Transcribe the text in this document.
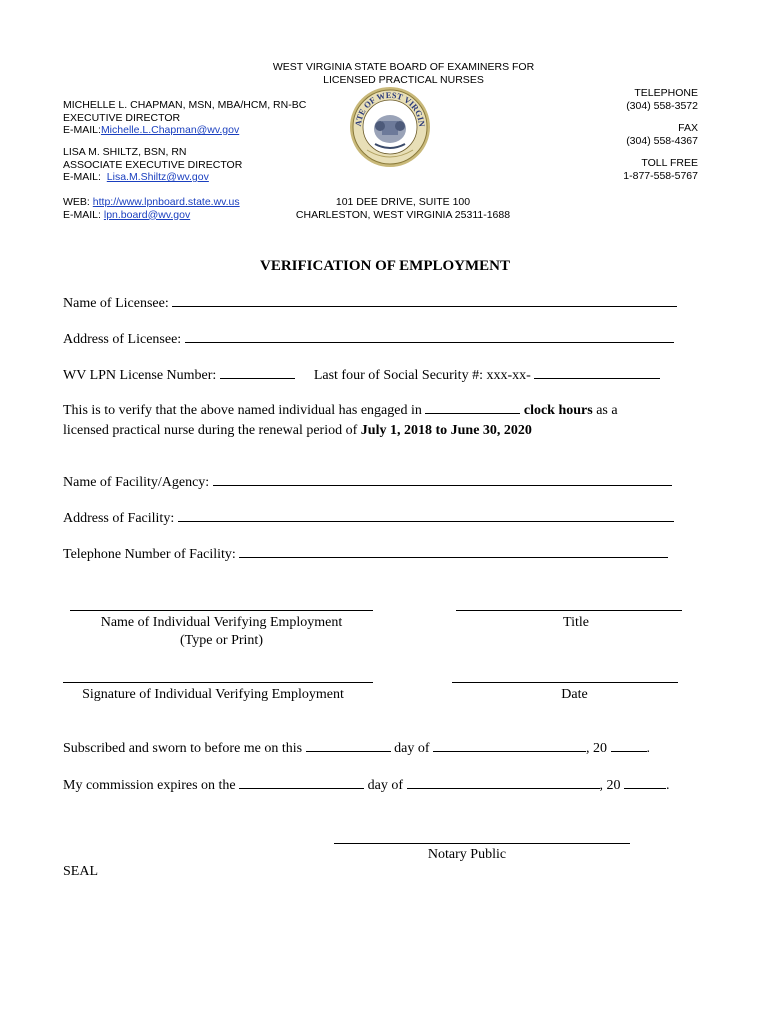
WEST VIRGINIA STATE BOARD OF EXAMINERS FOR
LICENSED PRACTICAL NURSES
MICHELLE L. CHAPMAN, MSN, MBA/HCM, RN-BC
EXECUTIVE DIRECTOR
E-MAIL:Michelle.L.Chapman@wv.gov
LISA M. SHILTZ, BSN, RN
ASSOCIATE EXECUTIVE DIRECTOR
E-MAIL: Lisa.M.Shiltz@wv.gov
WEB: http://www.lpnboard.state.wv.us
E-MAIL: lpn.board@wv.gov
ATE OF WEST VIRGIN
101 DEE DRIVE, SUITE 100
CHARLESTON, WEST VIRGINIA 25311-1688
TELEPHONE
(304) 558-3572
FAX
(304) 558-4367
TOLL FREE
1-877-558-5767
VERIFICATION OF EMPLOYMENT
Name of Licensee:
Address of Licensee:
WV LPN License Number:	Last four of Social Security #: xxx-xx-
This is to verify that the above named individual has engaged in	clock hours as a
licensed practical nurse during the renewal period of July 1, 2018 to June 30, 2020
Name of Facility/Agency:
Address of Facility:
Telephone Number of Facility:
Name of Individual Verifying Employment
(Type or Print)
Title
Signature of Individual Verifying Employment	Date
Subscribed and sworn to before me on this	day of	, 20	.
My commission expires on the	day of	, 20	.
Notary Public
SEAL
